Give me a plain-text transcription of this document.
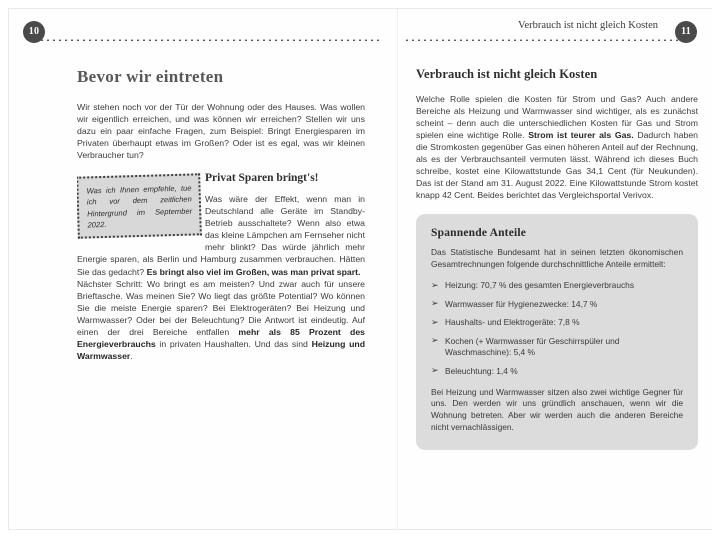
10
Bevor wir eintreten

Wir stehen noch vor der Tür der Wohnung oder des Hauses. Was wollen wir eigentlich erreichen, und was können wir erreichen? Stellen wir uns dazu ein paar einfache Fragen, zum Beispiel: Bringt Energiesparen im Privaten überhaupt etwas im Großen? Oder ist es egal, was wir kleinen Verbraucher tun?

Was ich Ihnen empfehle, tue ich vor dem zeitlichen Hintergrund im September 2022.

Privat Sparen bringt's!

Was wäre der Effekt, wenn man in Deutschland alle Geräte im Standby-Betrieb ausschaltete? Wenn also etwa das kleine Lämpchen am Fernseher nicht mehr blinkt? Das würde jährlich mehr Energie sparen, als Berlin und Hamburg zusammen verbrauchen. Hätten Sie das gedacht? Es bringt also viel im Großen, was man privat spart.

Nächster Schritt: Wo bringt es am meisten? Und zwar auch für unsere Brieftasche. Was meinen Sie? Wo liegt das größte Potential? Wo können Sie die meiste Energie sparen? Bei Elektrogeräten? Bei Heizung und Warmwasser? Oder bei der Beleuchtung? Die Antwort ist eindeutig. Auf einen der drei Bereiche entfallen mehr als 85 Prozent des Energieverbrauchs in privaten Haushalten. Und das sind Heizung und Warmwasser.

Verbrauch ist nicht gleich Kosten
11
Verbrauch ist nicht gleich Kosten

Welche Rolle spielen die Kosten für Strom und Gas? Auch andere Bereiche als Heizung und Warmwasser sind wichtiger, als es zunächst scheint – denn auch die unterschiedlichen Kosten für Gas und Strom spielen eine wichtige Rolle. Strom ist teurer als Gas. Dadurch haben die Stromkosten gegenüber Gas einen höheren Anteil auf der Rechnung, als es der Verbrauchsanteil vermuten lässt. Während ich dieses Buch schreibe, kostet eine Kilowattstunde Gas 34,1 Cent (für Neukunden). Das ist der Stand am 31. August 2022. Eine Kilowattstunde Strom kostet knapp 42 Cent. Beides berichtet das Vergleichsportal Verivox.

Spannende Anteile

Das Statistische Bundesamt hat in seinen letzten ökonomischen Gesamtrechnungen folgende durchschnittliche Anteile ermittelt:

➢ Heizung: 70,7 % des gesamten Energieverbrauchs
➢ Warmwasser für Hygienezwecke: 14,7 %
➢ Haushalts- und Elektrogeräte: 7,8 %
➢ Kochen (+ Warmwasser für Geschirrspüler und Waschmaschine): 5,4 %
➢ Beleuchtung: 1,4 %

Bei Heizung und Warmwasser sitzen also zwei wichtige Gegner für uns. Den werden wir uns gründlich anschauen, wenn wir die Wohnung betreten. Aber wir werden auch die anderen Bereiche nicht vernachlässigen.
